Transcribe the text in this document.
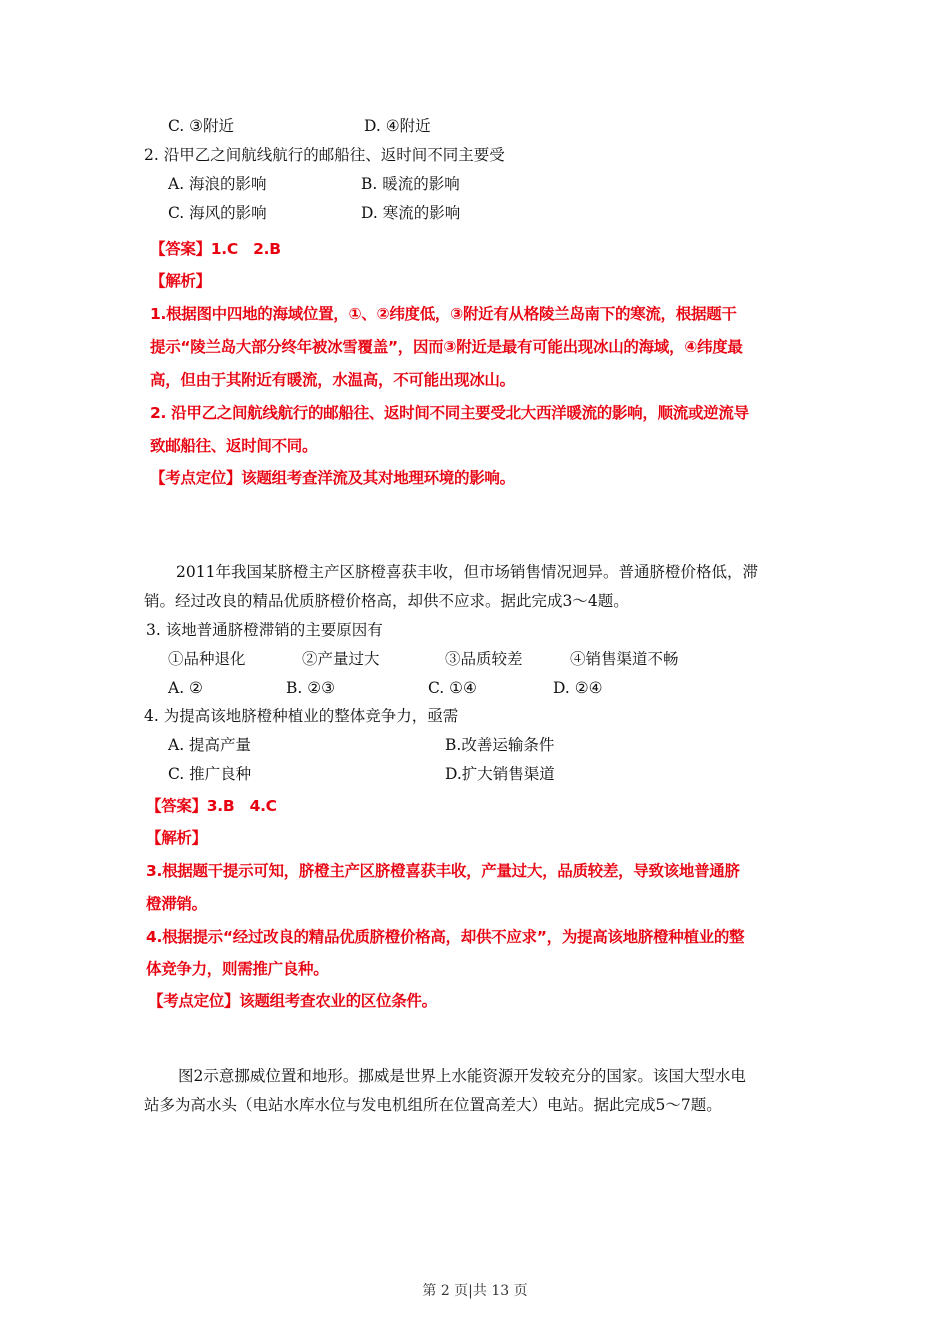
C. ③附近	D. ④附近
2. 沿甲乙之间航线航行的邮船往、返时间不同主要受
A. 海浪的影响	B. 暖流的影响
C. 海风的影响	D. 寒流的影响
【答案】1.C　2.B
【解析】
1.根据图中四地的海域位置，①、②纬度低，③附近有从格陵兰岛南下的寒流，根据题干
提示“陵兰岛大部分终年被冰雪覆盖”，因而③附近是最有可能出现冰山的海域，④纬度最
高，但由于其附近有暖流，水温高，不可能出现冰山。
2. 沿甲乙之间航线航行的邮船往、返时间不同主要受北大西洋暖流的影响，顺流或逆流导
致邮船往、返时间不同。
【考点定位】该题组考查洋流及其对地理环境的影响。
2011年我国某脐橙主产区脐橙喜获丰收，但市场销售情况迥异。普通脐橙价格低，滞
销。经过改良的精品优质脐橙价格高，却供不应求。据此完成3～4题。
3. 该地普通脐橙滞销的主要原因有
①品种退化	②产量过大	③品质较差	④销售渠道不畅
A. ②	B. ②③	C. ①④	D. ②④
4. 为提高该地脐橙种植业的整体竞争力，亟需
A. 提高产量	B.改善运输条件
C. 推广良种	D.扩大销售渠道
【答案】3.B　4.C
【解析】
3.根据题干提示可知，脐橙主产区脐橙喜获丰收，产量过大，品质较差，导致该地普通脐
橙滞销。
4.根据提示“经过改良的精品优质脐橙价格高，却供不应求”，为提高该地脐橙种植业的整
体竞争力，则需推广良种。
【考点定位】该题组考查农业的区位条件。
图2示意挪威位置和地形。挪威是世界上水能资源开发较充分的国家。该国大型水电
站多为高水头（电站水库水位与发电机组所在位置高差大）电站。据此完成5～7题。
第 2 页|共 13 页
